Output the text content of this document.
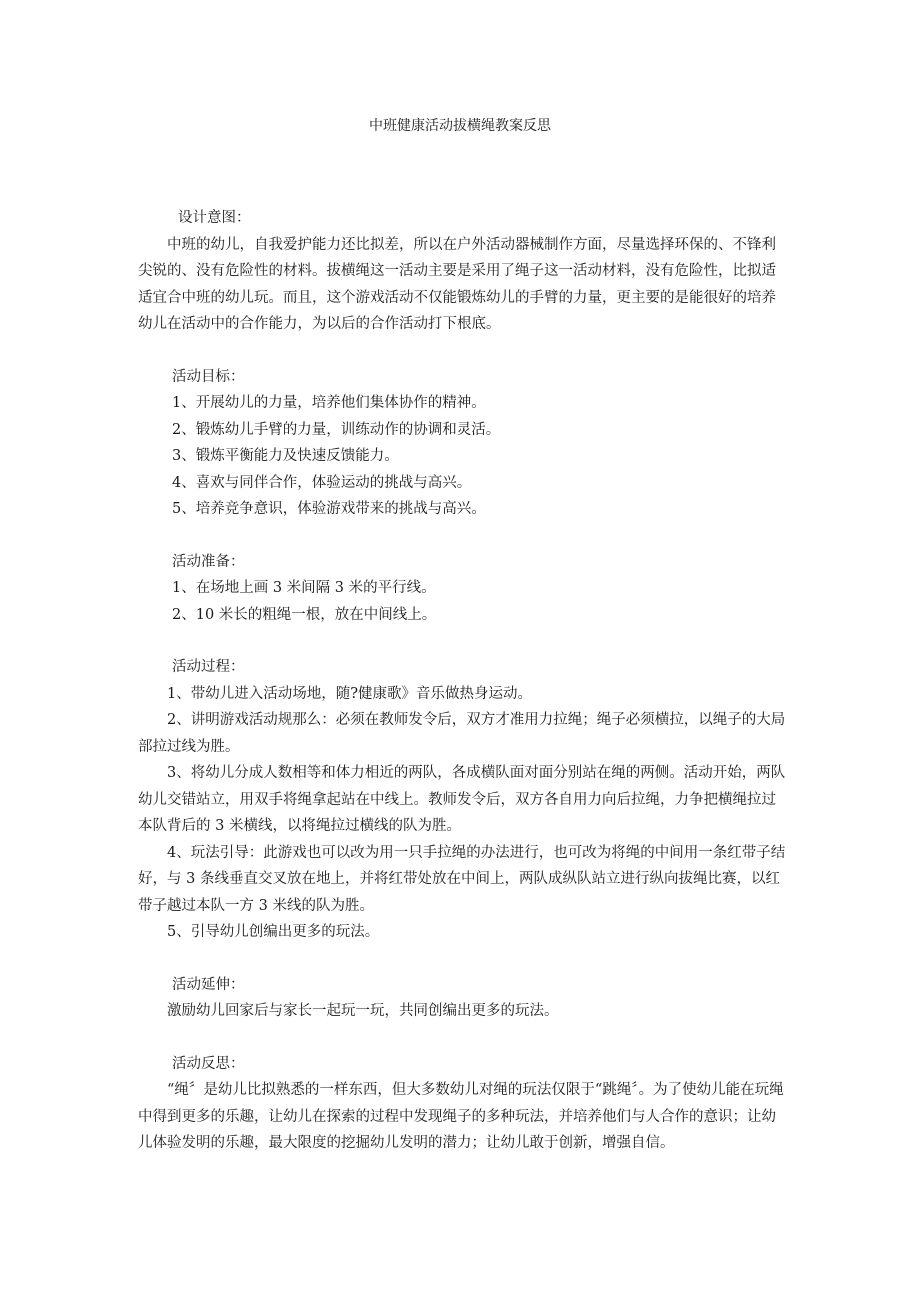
中班健康活动拔横绳教案反思

设计意图：

中班的幼儿，自我爱护能力还比拟差，所以在户外活动器械制作方面，尽量选择环保的、不锋利尖锐的、没有危险性的材料。拔横绳这一活动主要是采用了绳子这一活动材料，没有危险性，比拟适适宜合中班的幼儿玩。而且，这个游戏活动不仅能锻炼幼儿的手臂的力量，更主要的是能很好的培养幼儿在活动中的合作能力，为以后的合作活动打下根底。

活动目标：

1、开展幼儿的力量，培养他们集体协作的精神。

2、锻炼幼儿手臂的力量，训练动作的协调和灵活。

3、锻炼平衡能力及快速反馈能力。

4、喜欢与同伴合作，体验运动的挑战与高兴。

5、培养竞争意识，体验游戏带来的挑战与高兴。

活动准备：

1、在场地上画 3 米间隔 3 米的平行线。

2、10 米长的粗绳一根，放在中间线上。

活动过程：

1、带幼儿进入活动场地，随?健康歌》音乐做热身运动。

2、讲明游戏活动规那么：必须在教师发令后，双方才准用力拉绳；绳子必须横拉，以绳子的大局部拉过线为胜。

3、将幼儿分成人数相等和体力相近的两队，各成横队面对面分别站在绳的两侧。活动开始，两队幼儿交错站立，用双手将绳拿起站在中线上。教师发令后，双方各自用力向后拉绳，力争把横绳拉过本队背后的 3 米横线，以将绳拉过横线的队为胜。

4、玩法引导：此游戏也可以改为用一只手拉绳的办法进行，也可改为将绳的中间用一条红带子结好，与 3 条线垂直交叉放在地上，并将红带处放在中间上，两队成纵队站立进行纵向拔绳比赛，以红带子越过本队一方 3 米线的队为胜。

5、引导幼儿创编出更多的玩法。

活动延伸：

激励幼儿回家后与家长一起玩一玩，共同创编出更多的玩法。

活动反思：

“绳〞是幼儿比拟熟悉的一样东西，但大多数幼儿对绳的玩法仅限于“跳绳〞。为了使幼儿能在玩绳中得到更多的乐趣，让幼儿在探索的过程中发现绳子的多种玩法，并培养他们与人合作的意识；让幼儿体验发明的乐趣，最大限度的挖掘幼儿发明的潜力；让幼儿敢于创新，增强自信。
